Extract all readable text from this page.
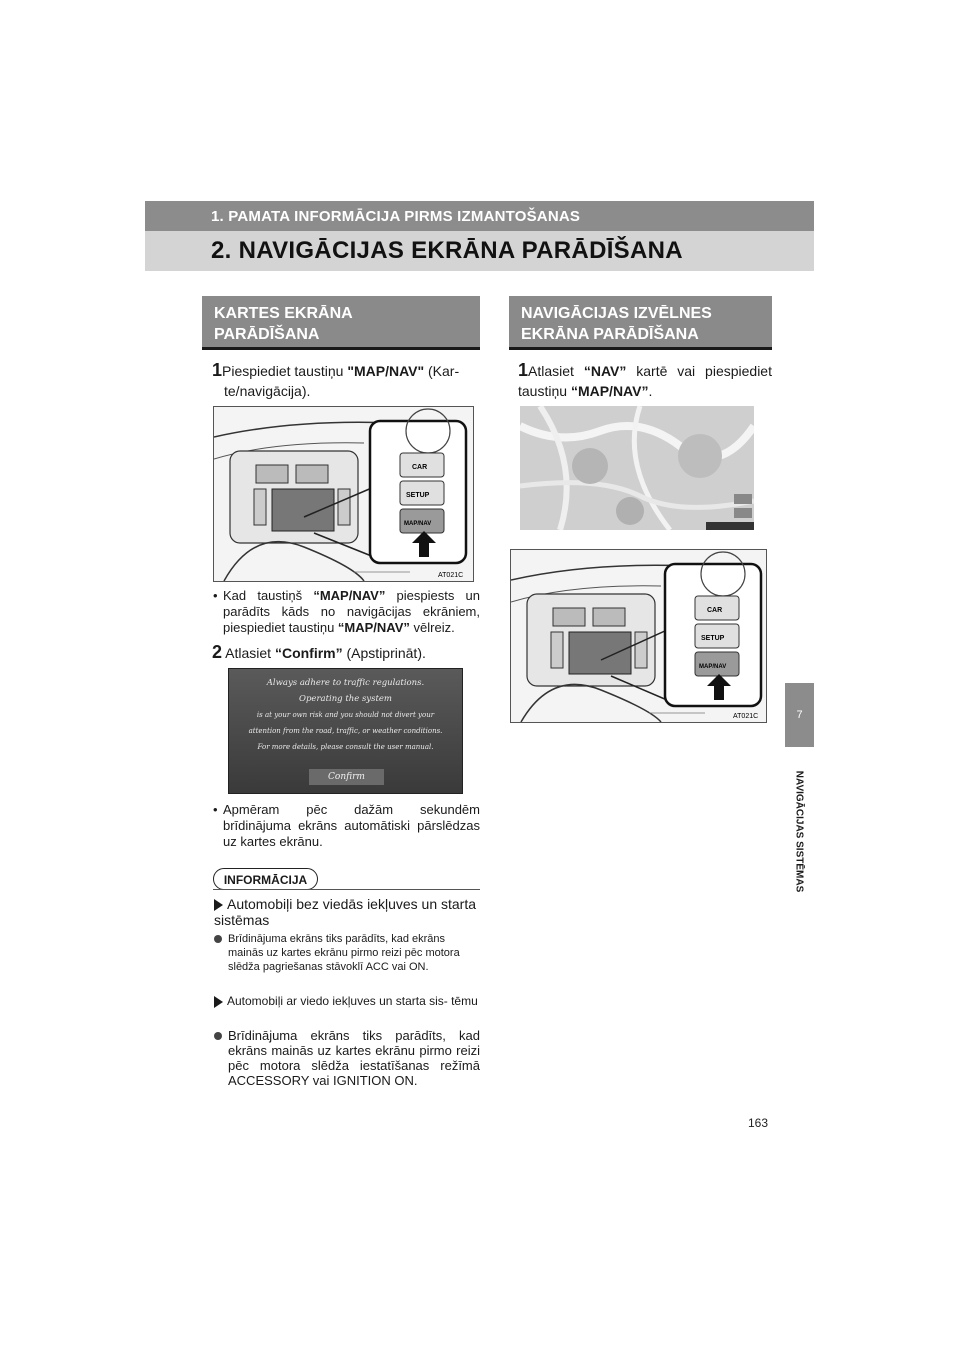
1. PAMATA INFORMĀCIJA PIRMS IZMANTOŠANAS
2. NAVIGĀCIJAS EKRĀNA PARĀDĪŠANA
KARTES EKRĀNA
PARĀDĪŠANA
1Piespiediet taustiņu "MAP/NAV" (Kar-
te/navigācija).
CAR
SETUP
MAP/NAV
AT021C
• Kad taustiņš “MAP/NAV” piespiests un parādīts kāds no navigācijas ekrāniem, piespiediet taustiņu “MAP/NAV” vēlreiz.
2 Atlasiet “Confirm” (Apstiprināt).
Always adhere to traffic regulations.
Operating the system
is at your own risk and you should not divert your
attention from the road, traffic, or weather conditions.
For more details, please consult the user manual.
Confirm
• Apmēram pēc dažām sekundēm brīdinājuma ekrāns automātiski pārslēdzas uz kartes ekrānu.
INFORMĀCIJA
Automobiļi bez viedās iekļuves un starta sistēmas
Brīdinājuma ekrāns tiks parādīts, kad ekrāns mainās uz kartes ekrānu pirmo reizi pēc motora slēdža pagriešanas stāvoklī ACC vai ON.
Automobiļi ar viedo iekļuves un starta sis- tēmu
Brīdinājuma ekrāns tiks parādīts, kad ekrāns mainās uz kartes ekrānu pirmo reizi pēc motora slēdža iestatīšanas režīmā ACCESSORY vai IGNITION ON.
NAVIGĀCIJAS IZVĒLNES
EKRĀNA PARĀDĪŠANA
1Atlasiet “NAV” kartē vai piespiediet taustiņu “MAP/NAV”.
CAR
SETUP
MAP/NAV
AT021C	7
NAVIGĀCIJAS SISTĒMAS
163
